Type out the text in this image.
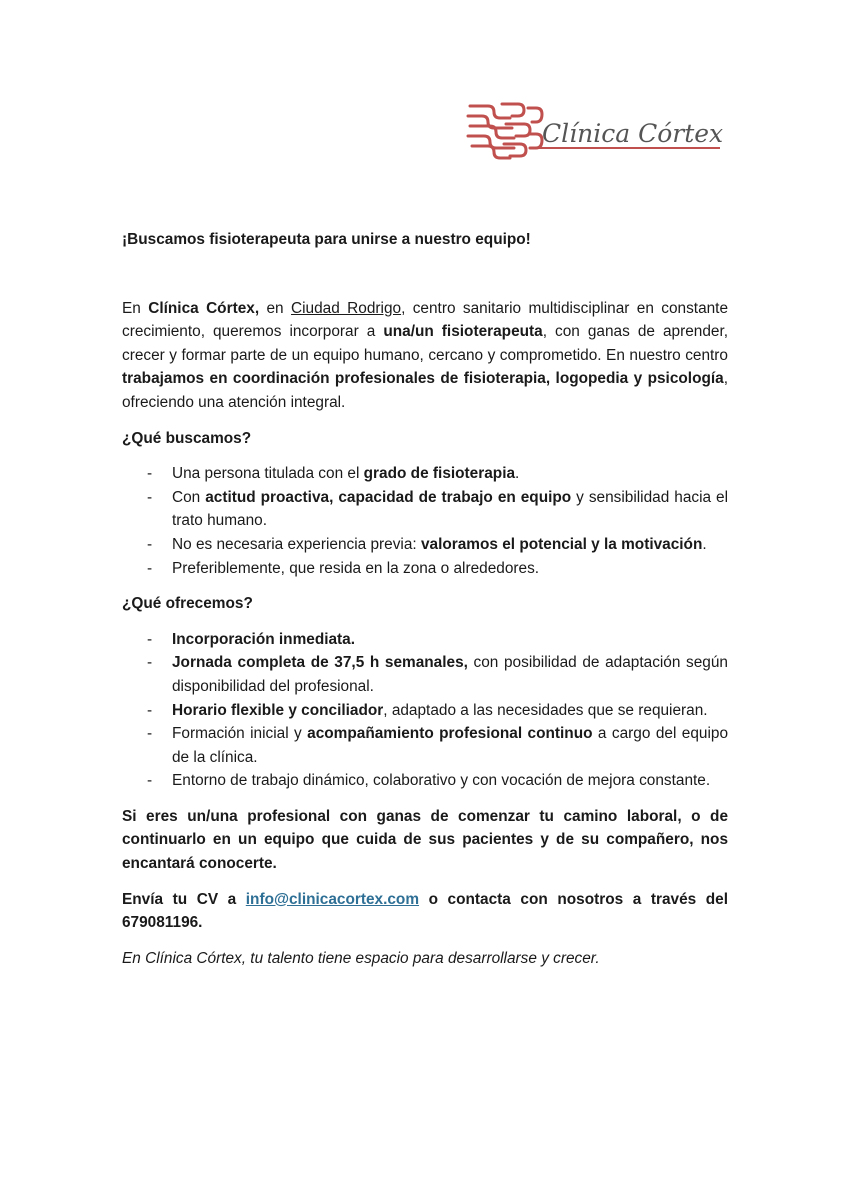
Clínica Córtex
¡Buscamos fisioterapeuta para unirse a nuestro equipo!

En Clínica Córtex, en Ciudad Rodrigo, centro sanitario multidisciplinar en constante crecimiento, queremos incorporar a una/un fisioterapeuta, con ganas de aprender, crecer y formar parte de un equipo humano, cercano y comprometido. En nuestro centro trabajamos en coordinación profesionales de fisioterapia, logopedia y psicología, ofreciendo una atención integral.

¿Qué buscamos?
- Una persona titulada con el grado de fisioterapia.
- Con actitud proactiva, capacidad de trabajo en equipo y sensibilidad hacia el trato humano.
- No es necesaria experiencia previa: valoramos el potencial y la motivación.
- Preferiblemente, que resida en la zona o alrededores.
¿Qué ofrecemos?
- Incorporación inmediata.
- Jornada completa de 37,5 h semanales, con posibilidad de adaptación según disponibilidad del profesional.
- Horario flexible y conciliador, adaptado a las necesidades que se requieran.
- Formación inicial y acompañamiento profesional continuo a cargo del equipo de la clínica.
- Entorno de trabajo dinámico, colaborativo y con vocación de mejora constante.

Si eres un/una profesional con ganas de comenzar tu camino laboral, o de continuarlo en un equipo que cuida de sus pacientes y de su compañero, nos encantará conocerte.

Envía tu CV a info@clinicacortex.com o contacta con nosotros a través del 679081196.

En Clínica Córtex, tu talento tiene espacio para desarrollarse y crecer.
